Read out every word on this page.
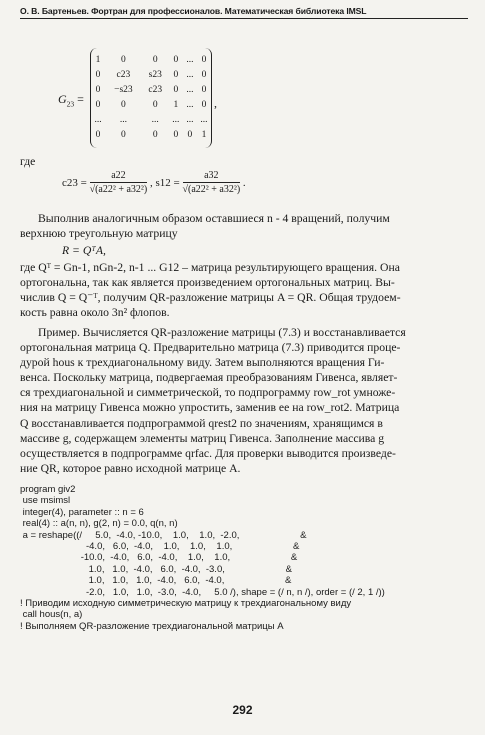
О. В. Бартеньев. Фортран для профессионалов. Математическая библиотека IMSL
$G_{23}$ =
1	0	0	0	...	0
0	c23	s23	0	...	0
0	−s23	c23	0	...	0
0	0	0	1	...	0
...	...	...	...	...	...
0	0	0	0	0	1
,
где
$c23 = \frac{a22}{\text{√(a22² + a32²)}}$ , $s12 = \frac{a32}{\text{√(a22² + a32²)}}$ .

Выполнив аналогичным образом оставшиеся n - 4 вращений, получим

верхнюю треугольную матрицу

R = QᵀA,

где Qᵀ = Gn-1, nGn-2, n-1 ... G12 – матрица результирующего вращения. Она

ортогональна, так как является произведением ортогональных матриц. Вы-

числив Q = Q⁻ᵀ, получим QR-разложение матрицы A = QR. Общая трудоем-

кость равна около 3n² флопов.

Пример. Вычисляется QR-разложение матрицы (7.3) и восстанавливается

ортогональная матрица Q. Предварительно матрица (7.3) приводится проце-

дурой hous к трехдиагональному виду. Затем выполняются вращения Ги-

венса. Поскольку матрица, подвергаемая преобразованиям Гивенса, являет-

ся трехдиагональной и симметрической, то подпрограмму row_rot умноже-

ния на матрицу Гивенса можно упростить, заменив ее на row_rot2. Матрица

Q восстанавливается подпрограммой qrest2 по значениям, хранящимся в

массиве g, содержащем элементы матриц Гивенса. Заполнение массива g

осуществляется в подпрограмме qrfac. Для проверки выводится произведе-

ние QR, которое равно исходной матрице A.

program giv2
use msimsl
integer(4), parameter :: n = 6
real(4) :: a(n, n), g(2, n) = 0.0, q(n, n)
a = reshape((/     5.0,  -4.0, -10.0,    1.0,    1.0,  -2.0,                       &
-4.0,   6.0,  -4.0,    1.0,    1.0,    1.0,                       &
-10.0,  -4.0,   6.0,  -4.0,    1.0,    1.0,                       &
1.0,   1.0,  -4.0,   6.0,  -4.0,  -3.0,                       &
1.0,   1.0,   1.0,  -4.0,   6.0,  -4.0,                       &
-2.0,   1.0,   1.0,  -3.0,  -4.0,     5.0 /), shape = (/ n, n /), order = (/ 2, 1 /))
! Приводим исходную симметрическую матрицу к трехдиагональному виду
call hous(n, a)
! Выполняем QR-разложение трехдиагональной матрицы A
292
